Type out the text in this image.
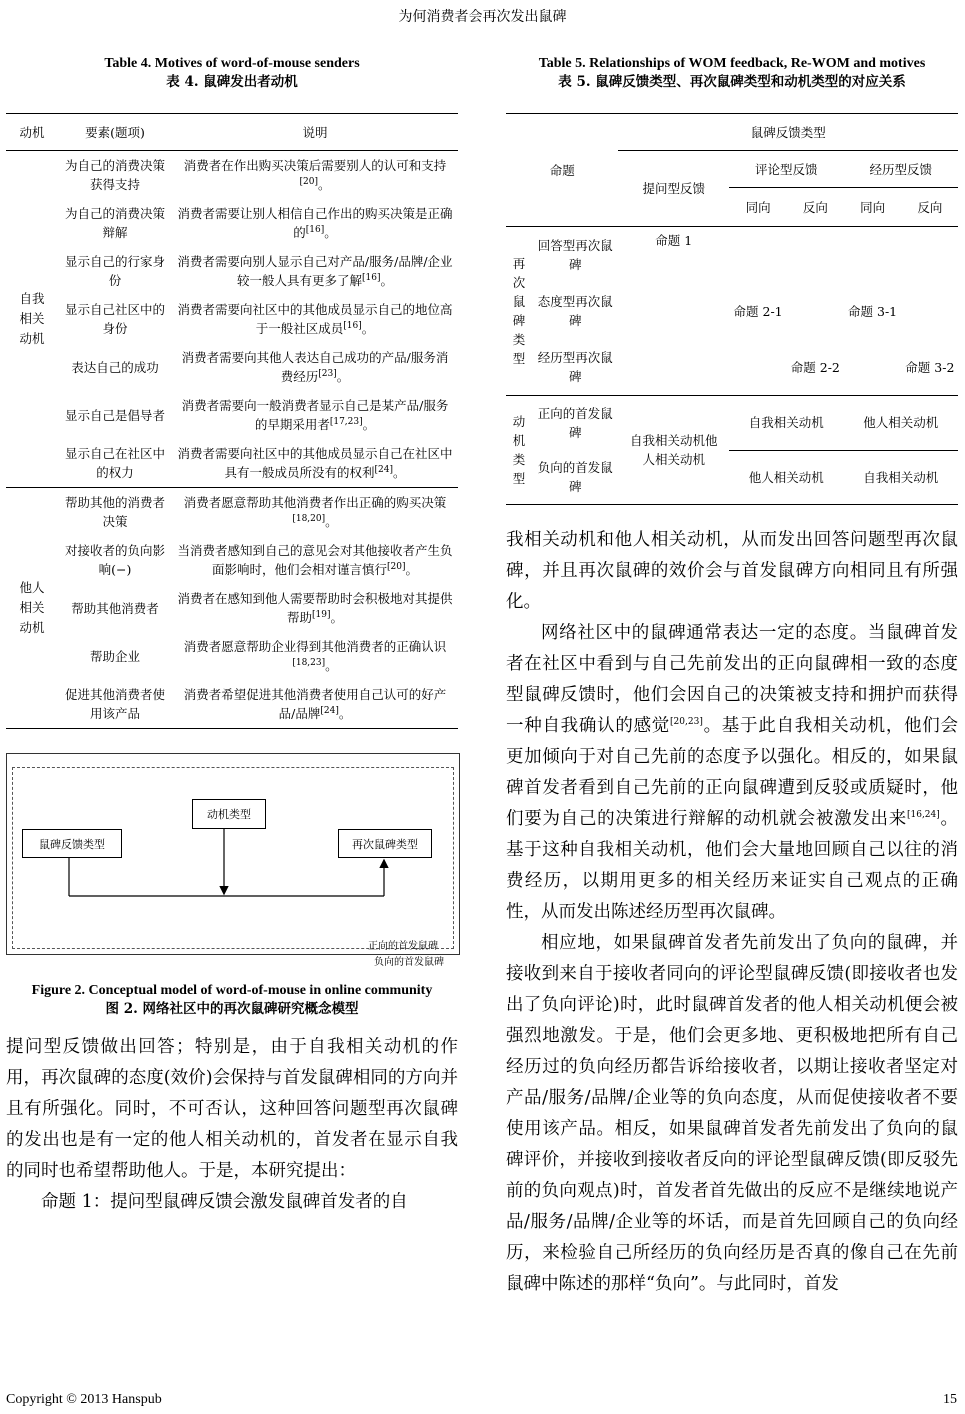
为何消费者会再次发出鼠碑
Table 4. Motives of word-of-mouse senders
表 4. 鼠碑发出者动机
动机	要素(题项)	说明

自我相关动机	为自己的消费决策获得支持	消费者在作出购买决策后需要别人的认可和支持[20]。
	为自己的消费决策辩解	消费者需要让别人相信自己作出的购买决策是正确的[16]。
	显示自己的行家身份	消费者需要向别人显示自己对产品/服务/品牌/企业较一般人具有更多了解[16]。
	显示自己社区中的身份	消费者需要向社区中的其他成员显示自己的地位高于一般社区成员[16]。
	表达自己的成功	消费者需要向其他人表达自己成功的产品/服务消费经历[23]。
	显示自己是倡导者	消费者需要向一般消费者显示自己是某产品/服务的早期采用者[17,23]。
	显示自己在社区中的权力	消费者需要向社区中的其他成员显示自己在社区中具有一般成员所没有的权利[24]。

他人相关动机	帮助其他的消费者决策	消费者愿意帮助其他消费者作出正确的购买决策[18,20]。
	对接收者的负向影响(−)	当消费者感知到自己的意见会对其他接收者产生负面影响时，他们会相对谨言慎行[20]。
	帮助其他消费者	消费者在感知到他人需要帮助时会积极地对其提供帮助[19]。
	帮助企业	消费者愿意帮助企业得到其他消费者的正确认识[18,23]。
	促进其他消费者使用该产品	消费者希望促进其他消费者使用自己认可的好产品/品牌[24]。
鼠碑反馈类型
动机类型
再次鼠碑类型
正向的首发鼠碑
负向的首发鼠碑
Figure 2. Conceptual model of word-of-mouse in online community
图 2. 网络社区中的再次鼠碑研究概念模型

提问型反馈做出回答；特别是，由于自我相关动机的作用，再次鼠碑的态度(效价)会保持与首发鼠碑相同的方向并且有所强化。同时，不可否认，这种回答问题型再次鼠碑的发出也是有一定的他人相关动机的，首发者在显示自我的同时也希望帮助他人。于是，本研究提出：

命题 1：提问型鼠碑反馈会激发鼠碑首发者的自

Table 5. Relationships of WOM feedback, Re-WOM and motives
表 5. 鼠碑反馈类型、再次鼠碑类型和动机类型的对应关系
命题		鼠碑反馈类型				
		提问型反馈	评论型反馈		经历型反馈	
			同向	反向	同向	反向

再次鼠碑类型	回答型再次鼠碑	命题 1				
	态度型再次鼠碑		命题 2-1		命题 3-1	
	经历型再次鼠碑			命题 2-2		命题 3-2

动机类型	正向的首发鼠碑	自我相关动机他人相关动机	自我相关动机		他人相关动机	
	负向的首发鼠碑		他人相关动机		自我相关动机	

我相关动机和他人相关动机，从而发出回答问题型再次鼠碑，并且再次鼠碑的效价会与首发鼠碑方向相同且有所强化。

网络社区中的鼠碑通常表达一定的态度。当鼠碑首发者在社区中看到与自己先前发出的正向鼠碑相一致的态度型鼠碑反馈时，他们会因自己的决策被支持和拥护而获得一种自我确认的感觉[20,23]。基于此自我相关动机，他们会更加倾向于对自己先前的态度予以强化。相反的，如果鼠碑首发者看到自己先前的正向鼠碑遭到反驳或质疑时，他们要为自己的决策进行辩解的动机就会被激发出来[16,24]。基于这种自我相关动机，他们会大量地回顾自己以往的消费经历，以期用更多的相关经历来证实自己观点的正确性，从而发出陈述经历型再次鼠碑。

相应地，如果鼠碑首发者先前发出了负向的鼠碑，并接收到来自于接收者同向的评论型鼠碑反馈(即接收者也发出了负向评论)时，此时鼠碑首发者的他人相关动机便会被强烈地激发。于是，他们会更多地、更积极地把所有自己经历过的负向经历都告诉给接收者，以期让接收者坚定对产品/服务/品牌/企业等的负向态度，从而促使接收者不要使用该产品。相反，如果鼠碑首发者先前发出了负向的鼠碑评价，并接收到接收者反向的评论型鼠碑反馈(即反驳先前的负向观点)时，首发者首先做出的反应不是继续地说产品/服务/品牌/企业等的坏话，而是首先回顾自己的负向经历，来检验自己所经历的负向经历是否真的像自己在先前鼠碑中陈述的那样“负向”。与此同时，首发

Copyright © 2013 Hanspub	15
